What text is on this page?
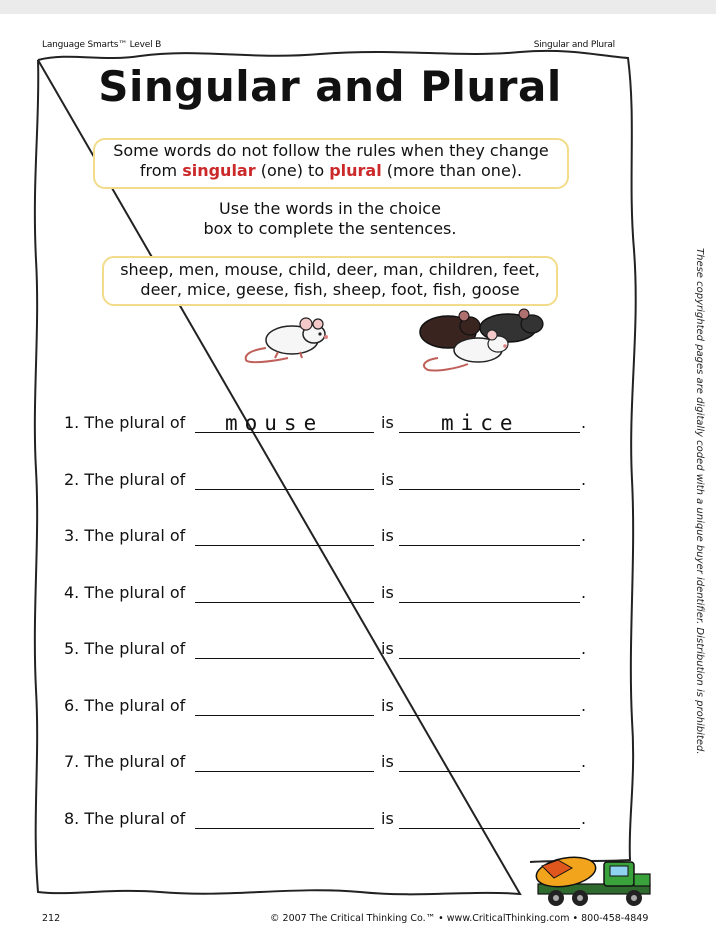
Language Smarts™ Level B	Singular and Plural
Singular and Plural
Some words do not follow the rules when they change
from singular (one) to plural (more than one).
Use the words in the choice
box to complete the sentences.
sheep, men, mouse, child, deer, man, children, feet,
deer, mice, geese, fish, sheep, foot, fish, goose
1. The plural of mouse	is mice	.
2. The plural of	is	.
3. The plural of	is	.
4. The plural of	is	.
5. The plural of	is	.
6. The plural of	is	.
7. The plural of	is	.
8. The plural of	is	.
These copyrighted pages are digitally coded with a unique buyer identifier. Distribution is prohibited.
212	© 2007 The Critical Thinking Co.™ • www.CriticalThinking.com • 800-458-4849
